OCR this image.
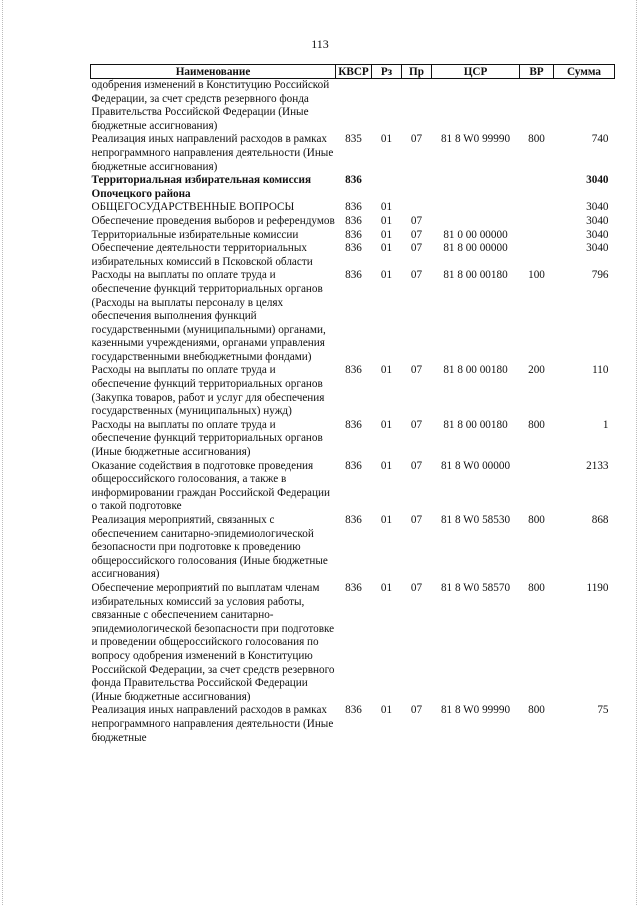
113
Наименование	КВСР	Рз	Пр	ЦСР	ВР	Сумма
одобрения изменений в Конституцию Российской Федерации, за счет средств резервного фонда Правительства Российской Федерации (Иные бюджетные ассигнования)						
Реализация иных направлений расходов в рамках непрограммного направления деятельности (Иные бюджетные ассигнования)	835	01	07	81 8 W0 99990	800	740
Территориальная избирательная комиссия Опочецкого района	836					3040
ОБЩЕГОСУДАРСТВЕННЫЕ ВОПРОСЫ	836	01				3040
Обеспечение проведения выборов и референдумов	836	01	07			3040
Территориальные избирательные комиссии	836	01	07	81 0 00 00000		3040
Обеспечение деятельности территориальных избирательных комиссий в Псковской области	836	01	07	81 8 00 00000		3040
Расходы на выплаты по оплате труда и обеспечение функций территориальных органов (Расходы на выплаты персоналу в целях обеспечения выполнения функций государственными (муниципальными) органами, казенными учреждениями, органами управления государственными внебюджетными фондами)	836	01	07	81 8 00 00180	100	796
Расходы на выплаты по оплате труда и обеспечение функций территориальных органов (Закупка товаров, работ и услуг для обеспечения государственных (муниципальных) нужд)	836	01	07	81 8 00 00180	200	110
Расходы на выплаты по оплате труда и обеспечение функций территориальных органов (Иные бюджетные ассигнования)	836	01	07	81 8 00 00180	800	1
Оказание содействия в подготовке проведения общероссийского голосования, а также в информировании граждан Российской Федерации о такой подготовке	836	01	07	81 8 W0 00000		2133
Реализация мероприятий, связанных с обеспечением санитарно-эпидемиологической безопасности при подготовке к проведению общероссийского голосования (Иные бюджетные ассигнования)	836	01	07	81 8 W0 58530	800	868
Обеспечение мероприятий по выплатам членам избирательных комиссий за условия работы, связанные с обеспечением санитарно-эпидемиологической безопасности при подготовке и проведении общероссийского голосования по вопросу одобрения изменений в Конституцию Российской Федерации, за счет средств резервного фонда Правительства Российской Федерации (Иные бюджетные ассигнования)	836	01	07	81 8 W0 58570	800	1190
Реализация иных направлений расходов в рамках непрограммного направления деятельности (Иные бюджетные	836	01	07	81 8 W0 99990	800	75
